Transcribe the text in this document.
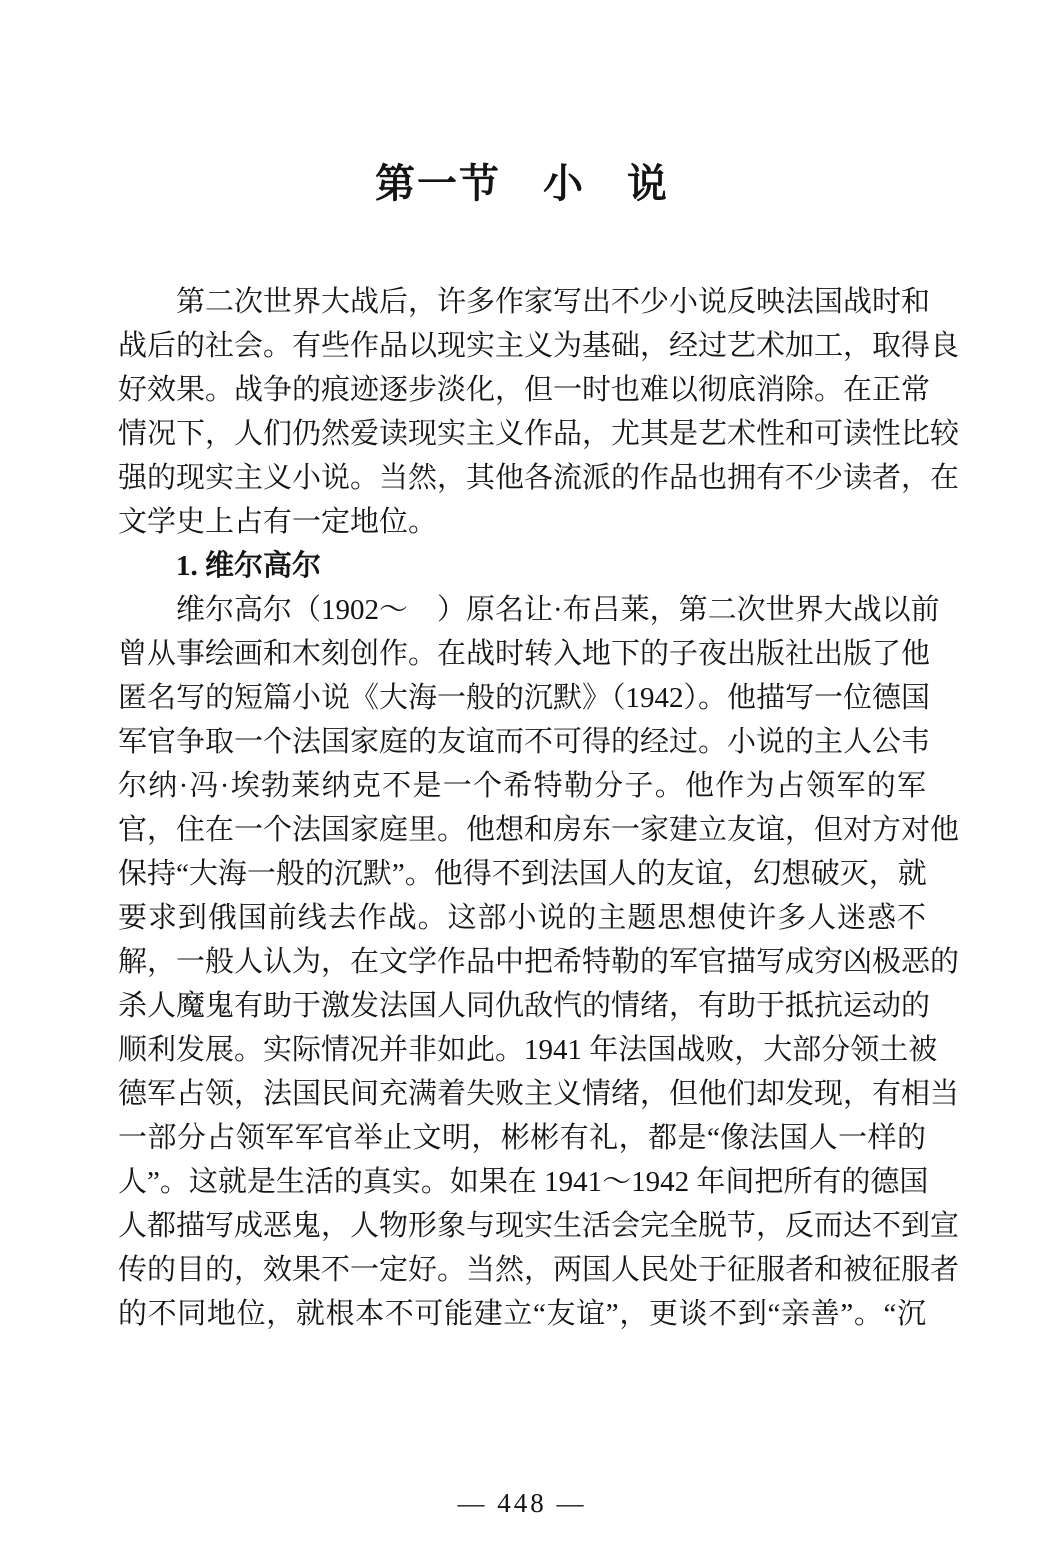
第一节　小　说
第二次世界大战后，许多作家写出不少小说反映法国战时和
战后的社会。有些作品以现实主义为基础，经过艺术加工，取得良
好效果。战争的痕迹逐步淡化，但一时也难以彻底消除。在正常
情况下，人们仍然爱读现实主义作品，尤其是艺术性和可读性比较
强的现实主义小说。当然，其他各流派的作品也拥有不少读者，在
文学史上占有一定地位。
1. 维尔高尔
维尔高尔（1902～　）原名让·布吕莱，第二次世界大战以前
曾从事绘画和木刻创作。在战时转入地下的子夜出版社出版了他
匿名写的短篇小说《大海一般的沉默》（1942）。他描写一位德国
军官争取一个法国家庭的友谊而不可得的经过。小说的主人公韦
尔纳·冯·埃勃莱纳克不是一个希特勒分子。他作为占领军的军
官，住在一个法国家庭里。他想和房东一家建立友谊，但对方对他
保持“大海一般的沉默”。他得不到法国人的友谊，幻想破灭，就
要求到俄国前线去作战。这部小说的主题思想使许多人迷惑不
解，一般人认为，在文学作品中把希特勒的军官描写成穷凶极恶的
杀人魔鬼有助于激发法国人同仇敌忾的情绪，有助于抵抗运动的
顺利发展。实际情况并非如此。1941 年法国战败，大部分领土被
德军占领，法国民间充满着失败主义情绪，但他们却发现，有相当
一部分占领军军官举止文明，彬彬有礼，都是“像法国人一样的
人”。这就是生活的真实。如果在 1941～1942 年间把所有的德国
人都描写成恶鬼，人物形象与现实生活会完全脱节，反而达不到宣
传的目的，效果不一定好。当然，两国人民处于征服者和被征服者
的不同地位，就根本不可能建立“友谊”，更谈不到“亲善”。“沉
— 448 —
